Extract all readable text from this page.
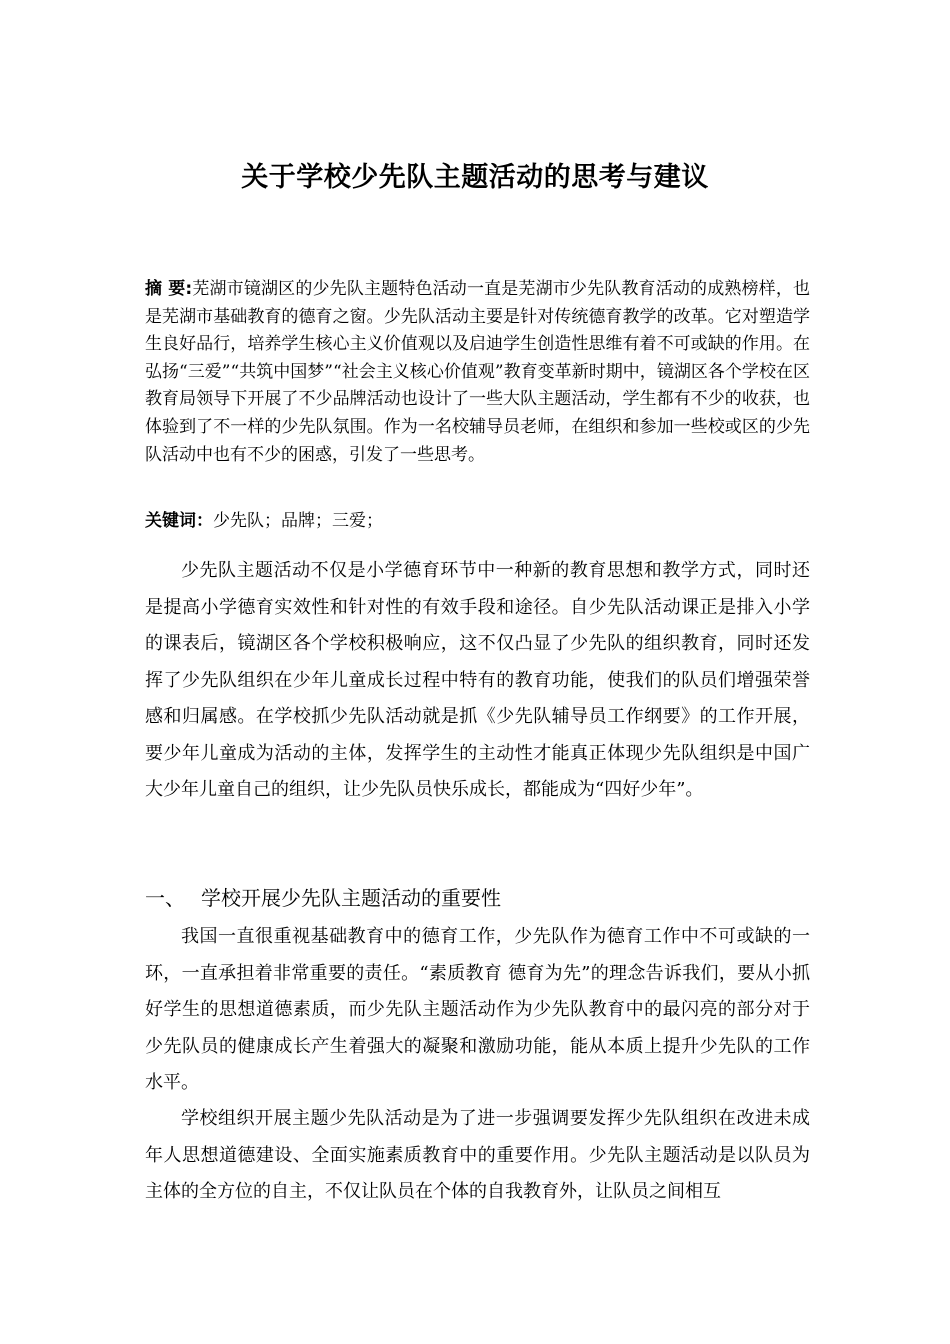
关于学校少先队主题活动的思考与建议
摘 要:芜湖市镜湖区的少先队主题特色活动一直是芜湖市少先队教育活动的成熟榜样，也是芜湖市基础教育的德育之窗。少先队活动主要是针对传统德育教学的改革。它对塑造学生良好品行，培养学生核心主义价值观以及启迪学生创造性思维有着不可或缺的作用。在弘扬“三爱”“共筑中国梦”“社会主义核心价值观”教育变革新时期中，镜湖区各个学校在区教育局领导下开展了不少品牌活动也设计了一些大队主题活动，学生都有不少的收获，也体验到了不一样的少先队氛围。作为一名校辅导员老师，在组织和参加一些校或区的少先队活动中也有不少的困惑，引发了一些思考。
关键词：少先队；品牌；三爱；

少先队主题活动不仅是小学德育环节中一种新的教育思想和教学方式，同时还是提高小学德育实效性和针对性的有效手段和途径。自少先队活动课正是排入小学的课表后，镜湖区各个学校积极响应，这不仅凸显了少先队的组织教育，同时还发挥了少先队组织在少年儿童成长过程中特有的教育功能，使我们的队员们增强荣誉感和归属感。在学校抓少先队活动就是抓《少先队辅导员工作纲要》的工作开展，要少年儿童成为活动的主体，发挥学生的主动性才能真正体现少先队组织是中国广大少年儿童自己的组织，让少先队员快乐成长，都能成为“四好少年”。

一、 学校开展少先队主题活动的重要性

我国一直很重视基础教育中的德育工作，少先队作为德育工作中不可或缺的一环，一直承担着非常重要的责任。“素质教育 德育为先”的理念告诉我们，要从小抓好学生的思想道德素质，而少先队主题活动作为少先队教育中的最闪亮的部分对于少先队员的健康成长产生着强大的凝聚和激励功能，能从本质上提升少先队的工作水平。

学校组织开展主题少先队活动是为了进一步强调要发挥少先队组织在改进未成年人思想道德建设、全面实施素质教育中的重要作用。少先队主题活动是以队员为主体的全方位的自主，不仅让队员在个体的自我教育外，让队员之间相互
